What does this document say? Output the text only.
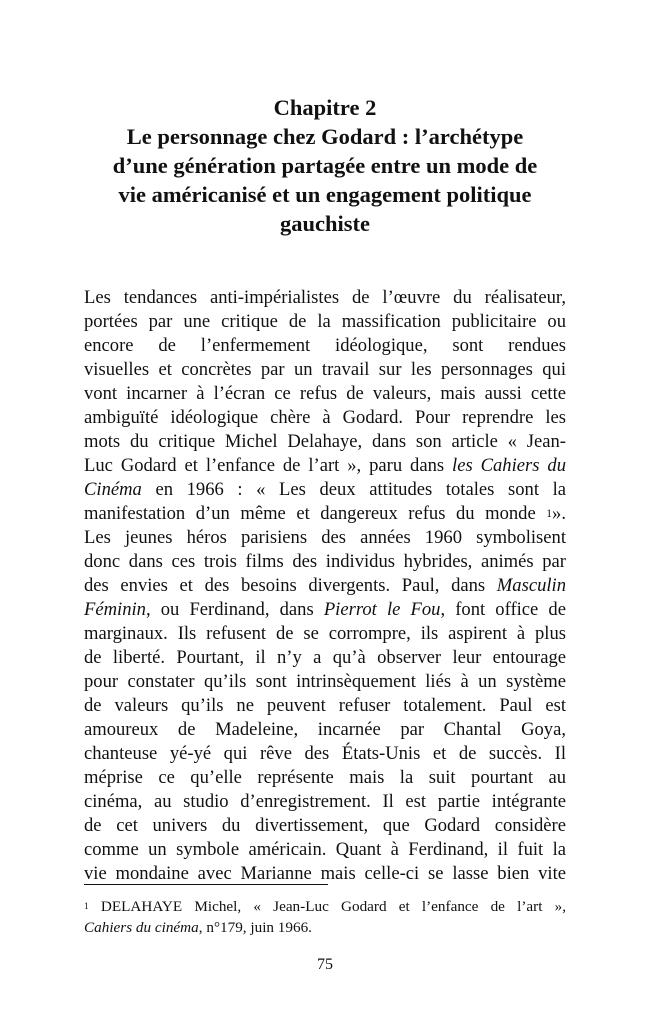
Chapitre 2
Le personnage chez Godard : l’archétype
d’une génération partagée entre un mode de
vie américanisé et un engagement politique
gauchiste
Les tendances anti-impérialistes de l’œuvre du réalisateur,
portées par une critique de la massification publicitaire ou
encore de l’enfermement idéologique, sont rendues
visuelles et concrètes par un travail sur les personnages qui
vont incarner à l’écran ce refus de valeurs, mais aussi cette
ambiguïté idéologique chère à Godard. Pour reprendre les
mots du critique Michel Delahaye, dans son article « Jean-
Luc Godard et l’enfance de l’art », paru dans les Cahiers du
Cinéma en 1966 : « Les deux attitudes totales sont la
manifestation d’un même et dangereux refus du monde $^1$».
Les jeunes héros parisiens des années 1960 symbolisent
donc dans ces trois films des individus hybrides, animés par
des envies et des besoins divergents. Paul, dans Masculin
Féminin, ou Ferdinand, dans Pierrot le Fou, font office de
marginaux. Ils refusent de se corrompre, ils aspirent à plus
de liberté. Pourtant, il n’y a qu’à observer leur entourage
pour constater qu’ils sont intrinsèquement liés à un système
de valeurs qu’ils ne peuvent refuser totalement. Paul est
amoureux de Madeleine, incarnée par Chantal Goya,
chanteuse yé-yé qui rêve des États-Unis et de succès. Il
méprise ce qu’elle représente mais la suit pourtant au
cinéma, au studio d’enregistrement. Il est partie intégrante
de cet univers du divertissement, que Godard considère
comme un symbole américain. Quant à Ferdinand, il fuit la
vie mondaine avec Marianne mais celle-ci se lasse bien vite
$^1$ DELAHAYE Michel, « Jean-Luc Godard et l’enfance de l’art »,
Cahiers du cinéma, n°179, juin 1966.
75
